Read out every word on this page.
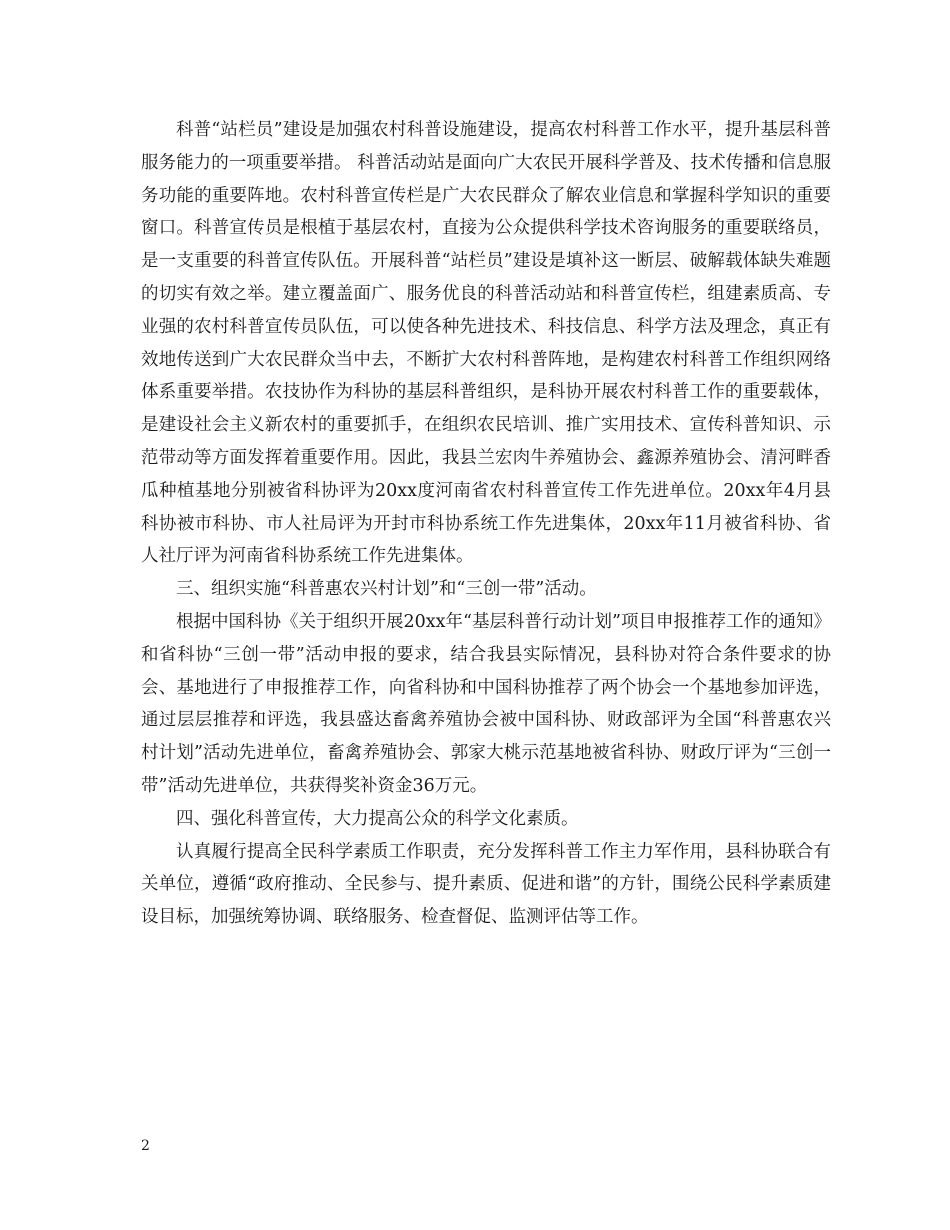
科普“站栏员”建设是加强农村科普设施建设，提高农村科普工作水平，提升基层科普服务能力的一项重要举措。 科普活动站是面向广大农民开展科学普及、技术传播和信息服务功能的重要阵地。农村科普宣传栏是广大农民群众了解农业信息和掌握科学知识的重要窗口。科普宣传员是根植于基层农村，直接为公众提供科学技术咨询服务的重要联络员，是一支重要的科普宣传队伍。开展科普“站栏员”建设是填补这一断层、破解载体缺失难题的切实有效之举。建立覆盖面广、服务优良的科普活动站和科普宣传栏，组建素质高、专业强的农村科普宣传员队伍，可以使各种先进技术、科技信息、科学方法及理念，真正有效地传送到广大农民群众当中去，不断扩大农村科普阵地，是构建农村科普工作组织网络体系重要举措。农技协作为科协的基层科普组织，是科协开展农村科普工作的重要载体，是建设社会主义新农村的重要抓手，在组织农民培训、推广实用技术、宣传科普知识、示范带动等方面发挥着重要作用。因此，我县兰宏肉牛养殖协会、鑫源养殖协会、清河畔香瓜种植基地分别被省科协评为20xx度河南省农村科普宣传工作先进单位。20xx年4月县科协被市科协、市人社局评为开封市科协系统工作先进集体，20xx年11月被省科协、省人社厅评为河南省科协系统工作先进集体。

三、组织实施“科普惠农兴村计划”和“三创一带”活动。

根据中国科协《关于组织开展20xx年“基层科普行动计划”项目申报推荐工作的通知》和省科协“三创一带”活动申报的要求，结合我县实际情况，县科协对符合条件要求的协会、基地进行了申报推荐工作，向省科协和中国科协推荐了两个协会一个基地参加评选，通过层层推荐和评选，我县盛达畜禽养殖协会被中国科协、财政部评为全国“科普惠农兴村计划”活动先进单位，畜禽养殖协会、郭家大桃示范基地被省科协、财政厅评为“三创一带”活动先进单位，共获得奖补资金36万元。

四、强化科普宣传，大力提高公众的科学文化素质。

认真履行提高全民科学素质工作职责，充分发挥科普工作主力军作用，县科协联合有关单位，遵循“政府推动、全民参与、提升素质、促进和谐”的方针，围绕公民科学素质建设目标，加强统筹协调、联络服务、检查督促、监测评估等工作。

2
